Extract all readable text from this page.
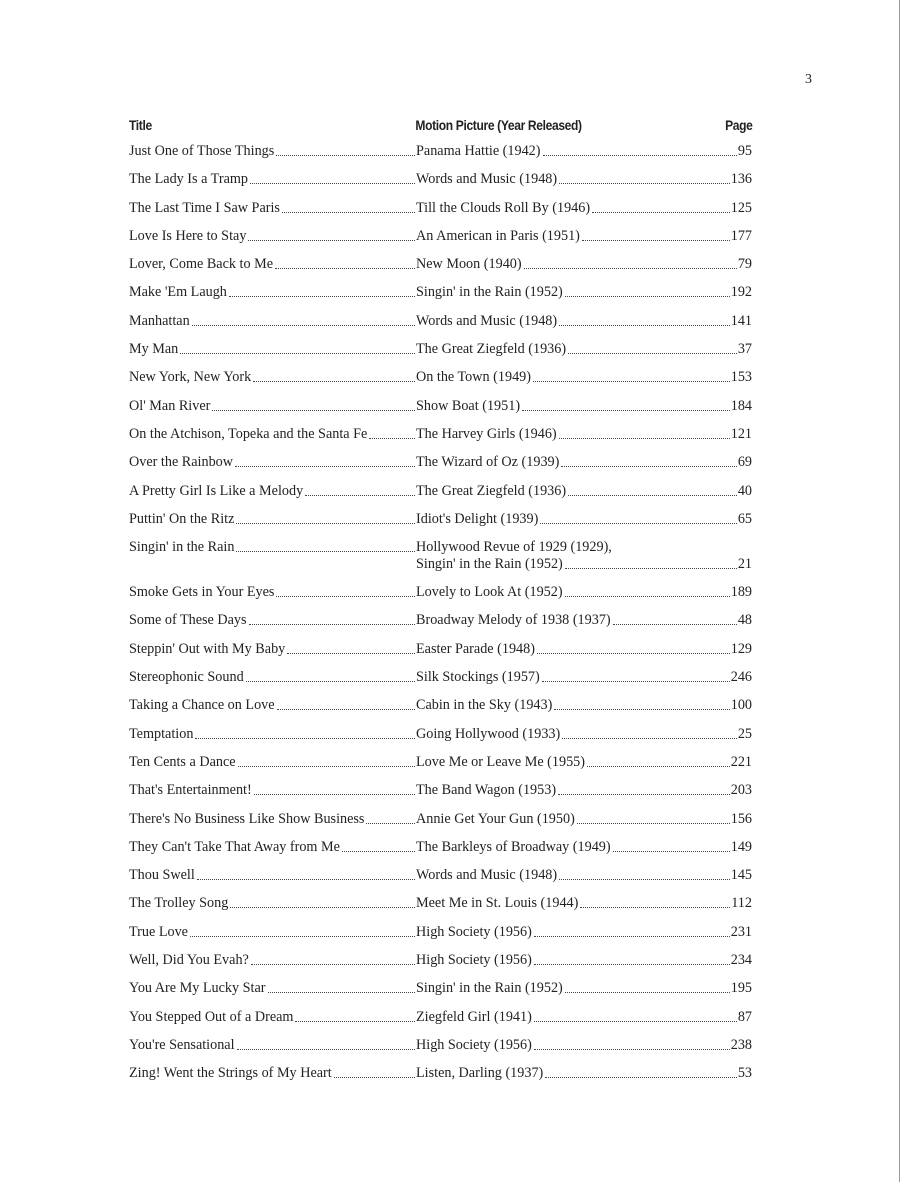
3
Title	Motion Picture (Year Released)	Page
Just One of Those Things	Panama Hattie (1942)	95
The Lady Is a Tramp	Words and Music (1948)	136
The Last Time I Saw Paris	Till the Clouds Roll By (1946)	125
Love Is Here to Stay	An American in Paris (1951)	177
Lover, Come Back to Me	New Moon (1940)	79
Make 'Em Laugh	Singin' in the Rain (1952)	192
Manhattan	Words and Music (1948)	141
My Man	The Great Ziegfeld (1936)	37
New York, New York	On the Town (1949)	153
Ol' Man River	Show Boat (1951)	184
On the Atchison, Topeka and the Santa Fe	The Harvey Girls (1946)	121
Over the Rainbow	The Wizard of Oz (1939)	69
A Pretty Girl Is Like a Melody	The Great Ziegfeld (1936)	40
Puttin' On the Ritz	Idiot's Delight (1939)	65
Singin' in the Rain	Hollywood Revue of 1929 (1929),
Singin' in the Rain (1952)	21
Smoke Gets in Your Eyes	Lovely to Look At (1952)	189
Some of These Days	Broadway Melody of 1938 (1937)	48
Steppin' Out with My Baby	Easter Parade (1948)	129
Stereophonic Sound	Silk Stockings (1957)	246
Taking a Chance on Love	Cabin in the Sky (1943)	100
Temptation	Going Hollywood (1933)	25
Ten Cents a Dance	Love Me or Leave Me (1955)	221
That's Entertainment!	The Band Wagon (1953)	203
There's No Business Like Show Business	Annie Get Your Gun (1950)	156
They Can't Take That Away from Me	The Barkleys of Broadway (1949)	149
Thou Swell	Words and Music (1948)	145
The Trolley Song	Meet Me in St. Louis (1944)	112
True Love	High Society (1956)	231
Well, Did You Evah?	High Society (1956)	234
You Are My Lucky Star	Singin' in the Rain (1952)	195
You Stepped Out of a Dream	Ziegfeld Girl (1941)	87
You're Sensational	High Society (1956)	238
Zing! Went the Strings of My Heart	Listen, Darling (1937)	53
